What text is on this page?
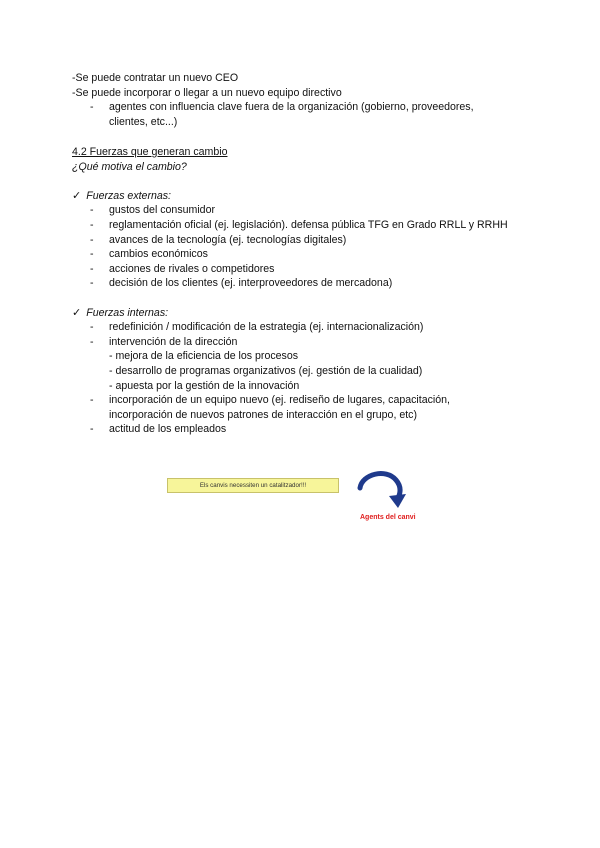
-Se puede contratar un nuevo CEO
-Se puede incorporar o llegar a un nuevo equipo directivo
- agentes con influencia clave fuera de la organización (gobierno, proveedores,
clientes, etc...)
4.2 Fuerzas que generan cambio
¿Qué motiva el cambio?
✓ Fuerzas externas:
- gustos del consumidor
- reglamentación oficial (ej. legislación). defensa pública TFG en Grado RRLL y RRHH
- avances de la tecnología (ej. tecnologías digitales)
- cambios económicos
- acciones de rivales o competidores
- decisión de los clientes (ej. interproveedores de mercadona)
✓ Fuerzas internas:
- redefinición / modificación de la estrategia (ej. internacionalización)
- intervención de la dirección
- mejora de la eficiencia de los procesos
- desarrollo de programas organizativos (ej. gestión de la cualidad)
- apuesta por la gestión de la innovación
- incorporación de un equipo nuevo (ej. rediseño de lugares, capacitación,
incorporación de nuevos patrones de interacción en el grupo, etc)
- actitud de los empleados
Els canvis necessiten un catalitzador!!!
Agents del canvi
